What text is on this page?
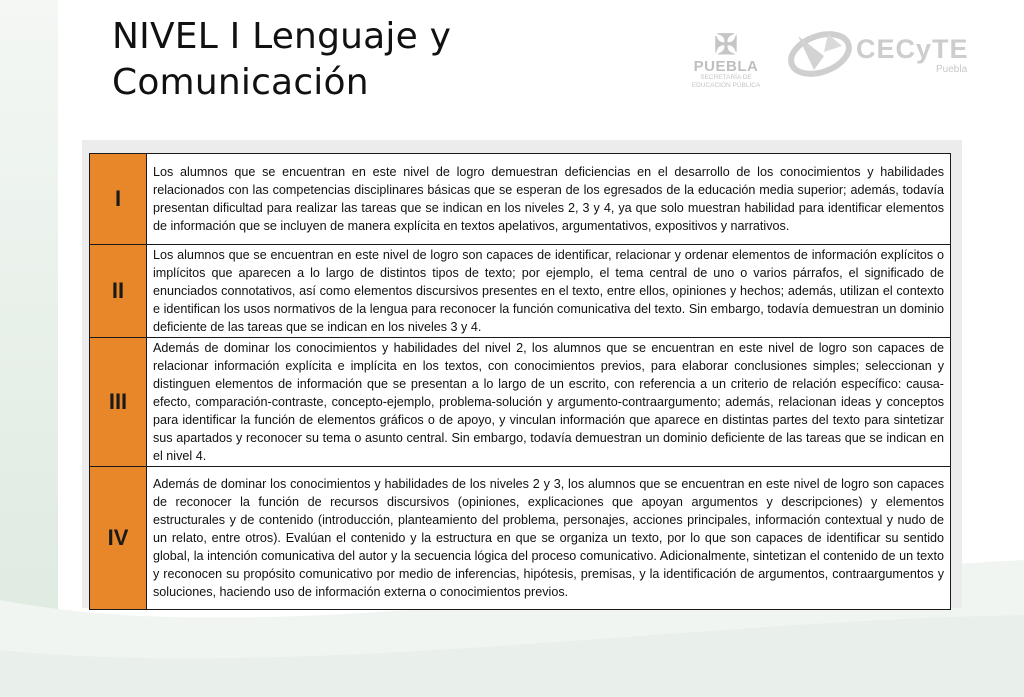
NIVEL I Lenguaje y Comunicación
✠
PUEBLA
SECRETARÍA DE EDUCACIÓN PÚBLICA
CECyTE
Puebla
I	Los alumnos que se encuentran en este nivel de logro demuestran deficiencias en el desarrollo de los conocimientos y habilidades relacionados con las competencias disciplinares básicas que se esperan de los egresados de la educación media superior; además, todavía presentan dificultad para realizar las tareas que se indican en los niveles 2, 3 y 4, ya que solo muestran habilidad para identificar elementos de información que se incluyen de manera explícita en textos apelativos, argumentativos, expositivos y narrativos.
II	Los alumnos que se encuentran en este nivel de logro son capaces de identificar, relacionar y ordenar elementos de información explícitos o implícitos que aparecen a lo largo de distintos tipos de texto; por ejemplo, el tema central de uno o varios párrafos, el significado de enunciados connotativos, así como elementos discursivos presentes en el texto, entre ellos, opiniones y hechos; además, utilizan el contexto e identifican los usos normativos de la lengua para reconocer la función comunicativa del texto. Sin embargo, todavía demuestran un dominio deficiente de las tareas que se indican en los niveles 3 y 4.
III	Además de dominar los conocimientos y habilidades del nivel 2, los alumnos que se encuentran en este nivel de logro son capaces de relacionar información explícita e implícita en los textos, con conocimientos previos, para elaborar conclusiones simples; seleccionan y distinguen elementos de información que se presentan a lo largo de un escrito, con referencia a un criterio de relación específico: causa-efecto, comparación-contraste, concepto-ejemplo, problema-solución y argumento-contraargumento; además, relacionan ideas y conceptos para identificar la función de elementos gráficos o de apoyo, y vinculan información que aparece en distintas partes del texto para sintetizar sus apartados y reconocer su tema o asunto central. Sin embargo, todavía demuestran un dominio deficiente de las tareas que se indican en el nivel 4.
IV	Además de dominar los conocimientos y habilidades de los niveles 2 y 3, los alumnos que se encuentran en este nivel de logro son capaces de reconocer la función de recursos discursivos (opiniones, explicaciones que apoyan argumentos y descripciones) y elementos estructurales y de contenido (introducción, planteamiento del problema, personajes, acciones principales, información contextual y nudo de un relato, entre otros). Evalúan el contenido y la estructura en que se organiza un texto, por lo que son capaces de identificar su sentido global, la intención comunicativa del autor y la secuencia lógica del proceso comunicativo. Adicionalmente, sintetizan el contenido de un texto y reconocen su propósito comunicativo por medio de inferencias, hipótesis, premisas, y la identificación de argumentos, contraargumentos y soluciones, haciendo uso de información externa o conocimientos previos.
